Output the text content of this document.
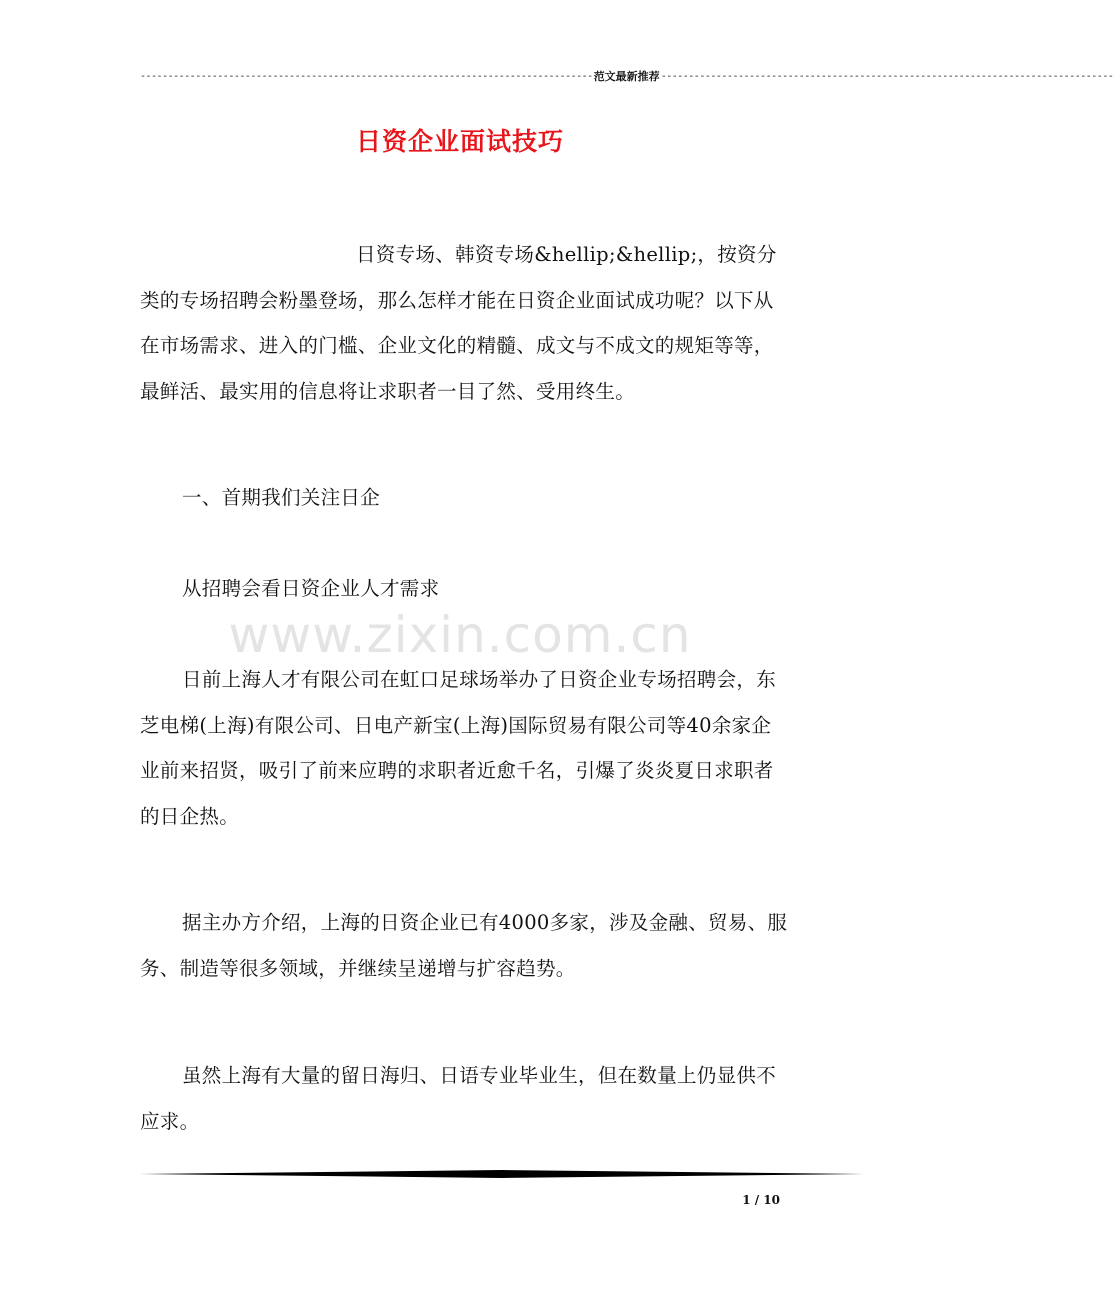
---------------------------------------------------------------------------------- 范文最新推荐 ----------------------------------------------------------------------------------
日资企业面试技巧
www.zixin.com.cn
日资专场、韩资专场&hellip;&hellip;，按资分类的专场招聘会粉墨登场，那么怎样才能在日资企业面试成功呢？以下从在市场需求、进入的门槛、企业文化的精髓、成文与不成文的规矩等等，最鲜活、最实用的信息将让求职者一目了然、受用终生。
一、首期我们关注日企
从招聘会看日资企业人才需求
日前上海人才有限公司在虹口足球场举办了日资企业专场招聘会，东芝电梯(上海)有限公司、日电产新宝(上海)国际贸易有限公司等40余家企业前来招贤，吸引了前来应聘的求职者近愈千名，引爆了炎炎夏日求职者的日企热。
据主办方介绍，上海的日资企业已有4000多家，涉及金融、贸易、服务、制造等很多领域，并继续呈递增与扩容趋势。
虽然上海有大量的留日海归、日语专业毕业生，但在数量上仍显供不应求。
1 / 10
